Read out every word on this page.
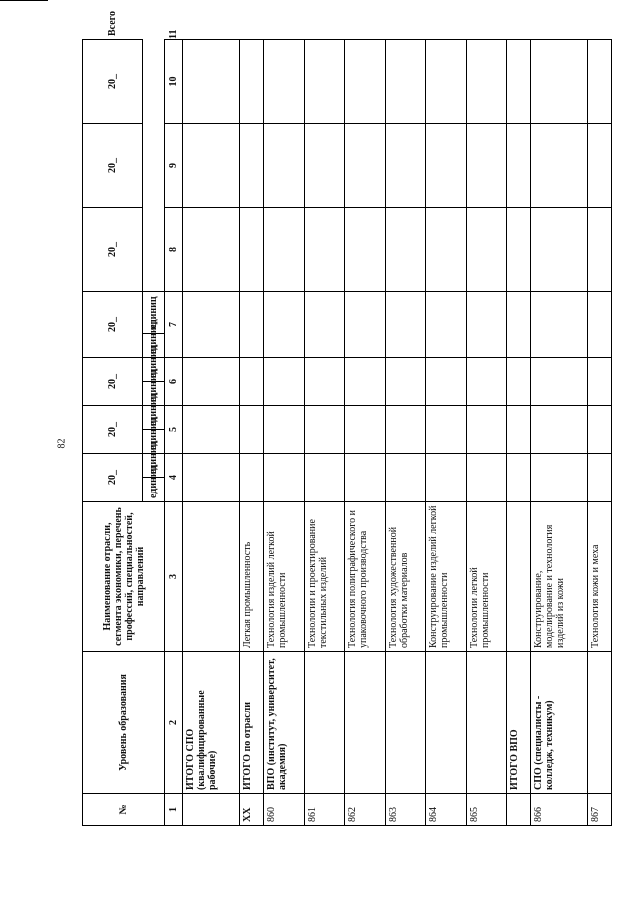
82
№	Уровень образования	Наименование отрасли, сегмента экономики, перечень профессий, специальностей, направлений	20_		20_		20_		20_		20_	20_	20_	Всего
			единиц	единиц	единиц	единиц	единиц	единиц	единиц	единиц				
1	2	3	4		5		6		7		8	9	10	11
	ИТОГО СПО (квалифицированные рабочие)													
XX	ИТОГО по отрасли	Легкая промышленность												
860	ВПО (институт, университет, академия)	Технология изделий легкой промышленности												
861		Технологии и проектирование текстильных изделий												
862		Технология полиграфического и упаковочного производства												
863		Технология художественной обработки материалов												
864		Конструирование изделий легкой промышленности												
865		Технологии легкой промышленности												
	ИТОГО ВПО													
866	СПО (специалисты - колледж, техникум)	Конструирование, моделирование и технология изделий из кожи												
867		Технология кожи и меха												
